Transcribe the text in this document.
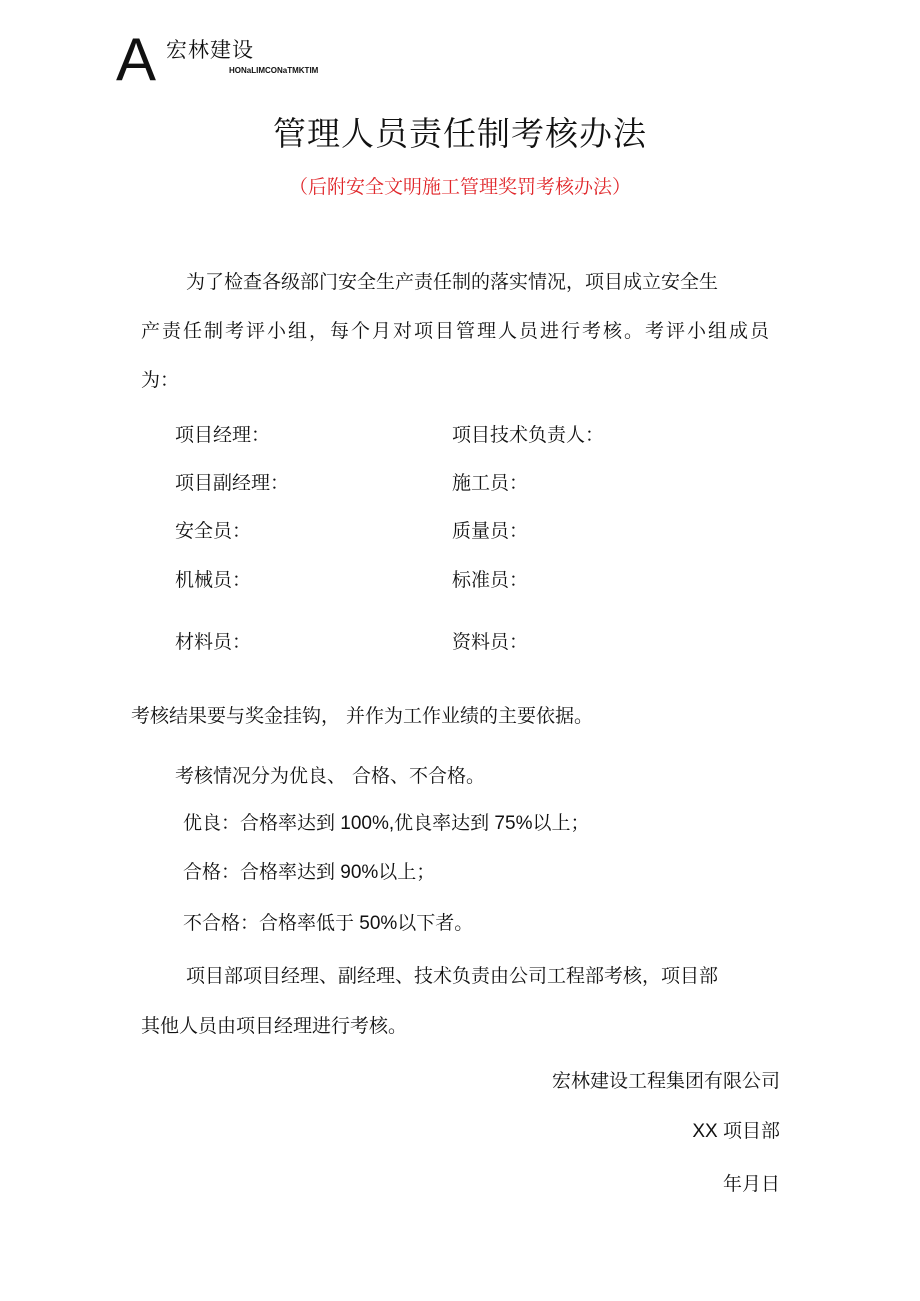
A 宏林建设
HONaLIMCONaTMKTIM
管理人员责任制考核办法
（后附安全文明施工管理奖罚考核办法）
为了检查各级部门安全生产责任制的落实情况，项目成立安全生
产责任制考评小组，每个月对项目管理人员进行考核。考评小组成员
为：
项目经理：	项目技术负责人：
项目副经理：	施工员：
安全员：	质量员：
机械员：	标准员：
材料员：	资料员：
考核结果要与奖金挂钩， 并作为工作业绩的主要依据。
考核情况分为优良、 合格、不合格。
优良：合格率达到 100%,优良率达到 75%以上；
合格：合格率达到 90%以上；
不合格：合格率低于 50%以下者。
项目部项目经理、副经理、技术负责由公司工程部考核，项目部
其他人员由项目经理进行考核。
宏林建设工程集团有限公司
XX 项目部
年月日
